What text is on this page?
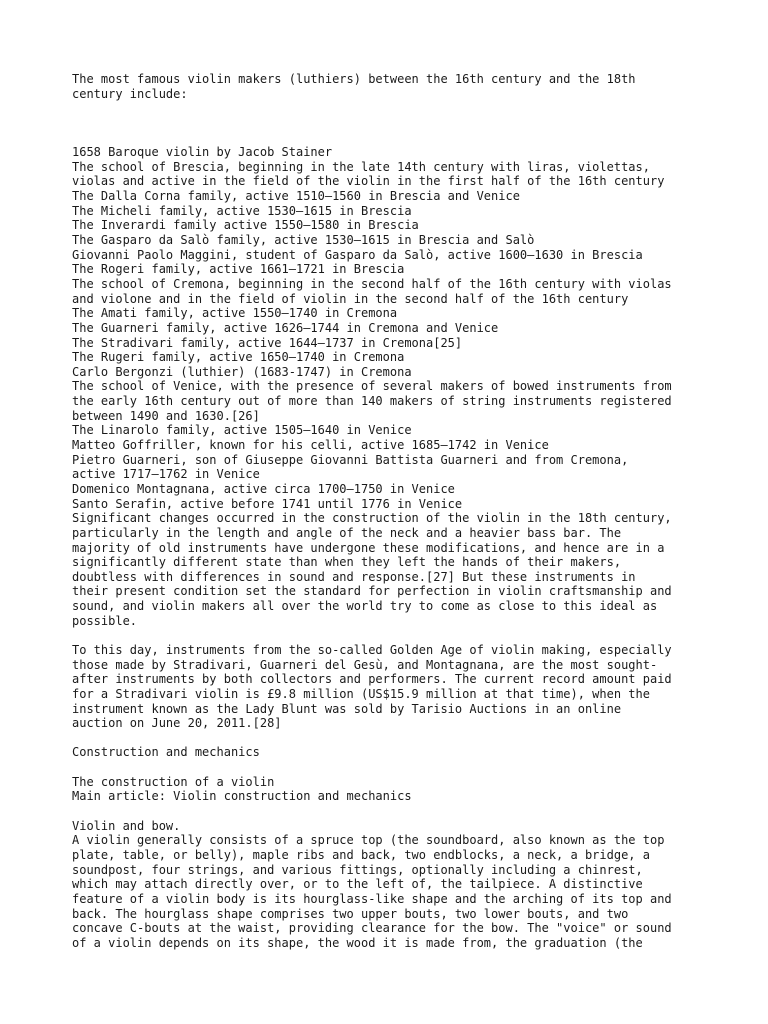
The most famous violin makers (luthiers) between the 16th century and the 18th
century include:
1658 Baroque violin by Jacob Stainer
The school of Brescia, beginning in the late 14th century with liras, violettas,
violas and active in the field of the violin in the first half of the 16th century
The Dalla Corna family, active 1510–1560 in Brescia and Venice
The Micheli family, active 1530–1615 in Brescia
The Inverardi family active 1550–1580 in Brescia
The Gasparo da Salò family, active 1530–1615 in Brescia and Salò
Giovanni Paolo Maggini, student of Gasparo da Salò, active 1600–1630 in Brescia
The Rogeri family, active 1661–1721 in Brescia
The school of Cremona, beginning in the second half of the 16th century with violas
and violone and in the field of violin in the second half of the 16th century
The Amati family, active 1550–1740 in Cremona
The Guarneri family, active 1626–1744 in Cremona and Venice
The Stradivari family, active 1644–1737 in Cremona[25]
The Rugeri family, active 1650–1740 in Cremona
Carlo Bergonzi (luthier) (1683-1747) in Cremona
The school of Venice, with the presence of several makers of bowed instruments from
the early 16th century out of more than 140 makers of string instruments registered
between 1490 and 1630.[26]
The Linarolo family, active 1505–1640 in Venice
Matteo Goffriller, known for his celli, active 1685–1742 in Venice
Pietro Guarneri, son of Giuseppe Giovanni Battista Guarneri and from Cremona,
active 1717–1762 in Venice
Domenico Montagnana, active circa 1700–1750 in Venice
Santo Serafin, active before 1741 until 1776 in Venice
Significant changes occurred in the construction of the violin in the 18th century,
particularly in the length and angle of the neck and a heavier bass bar. The
majority of old instruments have undergone these modifications, and hence are in a
significantly different state than when they left the hands of their makers,
doubtless with differences in sound and response.[27] But these instruments in
their present condition set the standard for perfection in violin craftsmanship and
sound, and violin makers all over the world try to come as close to this ideal as
possible.
To this day, instruments from the so-called Golden Age of violin making, especially
those made by Stradivari, Guarneri del Gesù, and Montagnana, are the most sought-
after instruments by both collectors and performers. The current record amount paid
for a Stradivari violin is £9.8 million (US$15.9 million at that time), when the
instrument known as the Lady Blunt was sold by Tarisio Auctions in an online
auction on June 20, 2011.[28]
Construction and mechanics
The construction of a violin
Main article: Violin construction and mechanics
Violin and bow.
A violin generally consists of a spruce top (the soundboard, also known as the top
plate, table, or belly), maple ribs and back, two endblocks, a neck, a bridge, a
soundpost, four strings, and various fittings, optionally including a chinrest,
which may attach directly over, or to the left of, the tailpiece. A distinctive
feature of a violin body is its hourglass-like shape and the arching of its top and
back. The hourglass shape comprises two upper bouts, two lower bouts, and two
concave C-bouts at the waist, providing clearance for the bow. The "voice" or sound
of a violin depends on its shape, the wood it is made from, the graduation (the
